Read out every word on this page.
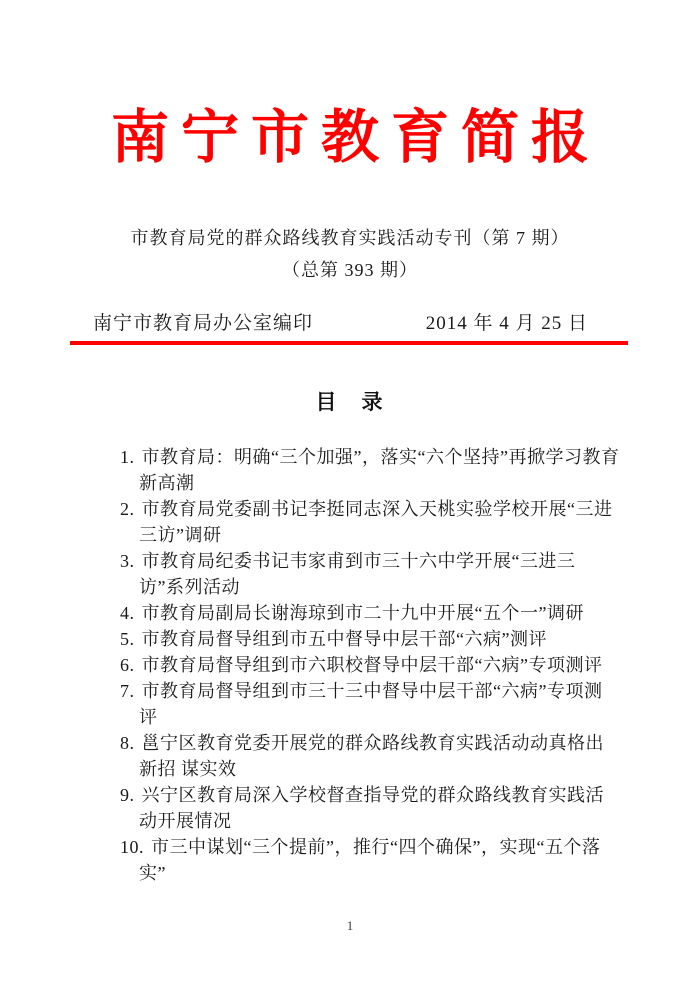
南宁市教育简报
市教育局党的群众路线教育实践活动专刊（第 7 期）
（总第 393 期）
南宁市教育局办公室编印	2014 年 4 月 25 日
目　录
1. 市教育局：明确“三个加强”，落实“六个坚持”再掀学习教育新高潮
2. 市教育局党委副书记李挺同志深入天桃实验学校开展“三进三访”调研
3. 市教育局纪委书记韦家甫到市三十六中学开展“三进三访”系列活动
4. 市教育局副局长谢海琼到市二十九中开展“五个一”调研
5. 市教育局督导组到市五中督导中层干部“六病”测评
6. 市教育局督导组到市六职校督导中层干部“六病”专项测评
7. 市教育局督导组到市三十三中督导中层干部“六病”专项测评
8. 邕宁区教育党委开展党的群众路线教育实践活动动真格出新招 谋实效
9. 兴宁区教育局深入学校督查指导党的群众路线教育实践活动开展情况
10. 市三中谋划“三个提前”，推行“四个确保”，实现“五个落实”
1
